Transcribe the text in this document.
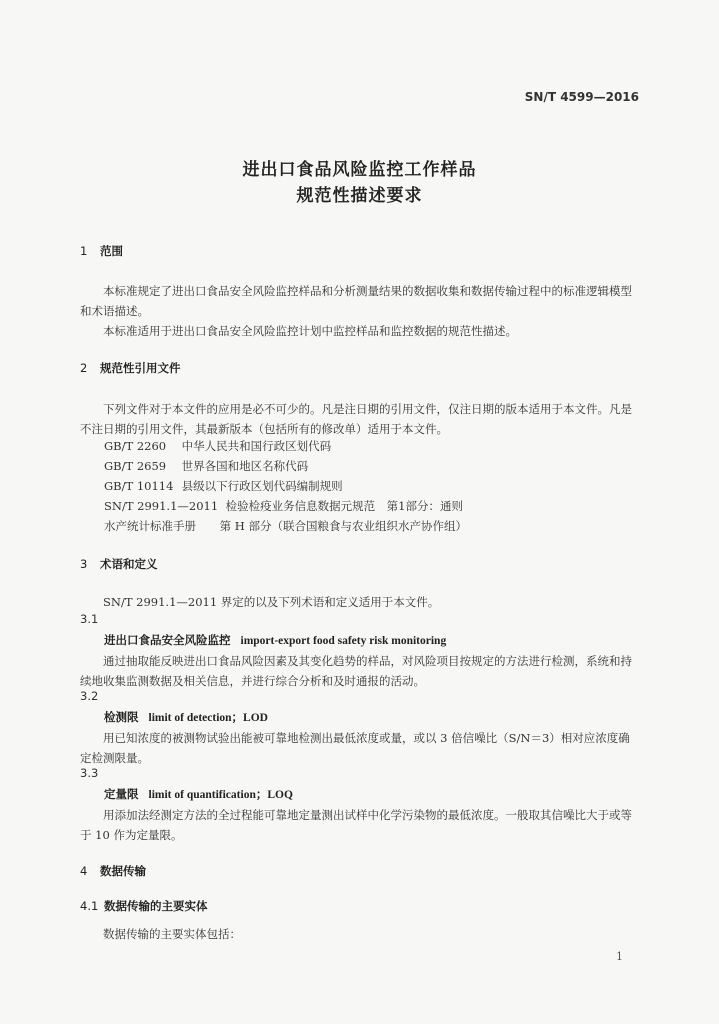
SN/T 4599—2016
进出口食品风险监控工作样品
规范性描述要求
1 范围
本标准规定了进出口食品安全风险监控样品和分析测量结果的数据收集和数据传输过程中的标准逻辑模型和术语描述。
本标准适用于进出口食品安全风险监控计划中监控样品和监控数据的规范性描述。
2 规范性引用文件
下列文件对于本文件的应用是必不可少的。凡是注日期的引用文件，仅注日期的版本适用于本文件。凡是不注日期的引用文件，其最新版本（包括所有的修改单）适用于本文件。
GB/T 2260 中华人民共和国行政区划代码
GB/T 2659 世界各国和地区名称代码
GB/T 10114 县级以下行政区划代码编制规则
SN/T 2991.1—2011 检验检疫业务信息数据元规范　第1部分：通则
水产统计标准手册 第 H 部分（联合国粮食与农业组织水产协作组）
3 术语和定义
SN/T 2991.1—2011 界定的以及下列术语和定义适用于本文件。
3.1
进出口食品安全风险监控 import-export food safety risk monitoring
通过抽取能反映进出口食品风险因素及其变化趋势的样品，对风险项目按规定的方法进行检测，系统和持续地收集监测数据及相关信息，并进行综合分析和及时通报的活动。
3.2
检测限 limit of detection；LOD
用已知浓度的被测物试验出能被可靠地检测出最低浓度或量，或以 3 倍信噪比（S/N＝3）相对应浓度确定检测限量。
3.3
定量限 limit of quantification；LOQ
用添加法经测定方法的全过程能可靠地定量测出试样中化学污染物的最低浓度。一般取其信噪比大于或等于 10 作为定量限。
4 数据传输
4.1 数据传输的主要实体
数据传输的主要实体包括：
1
